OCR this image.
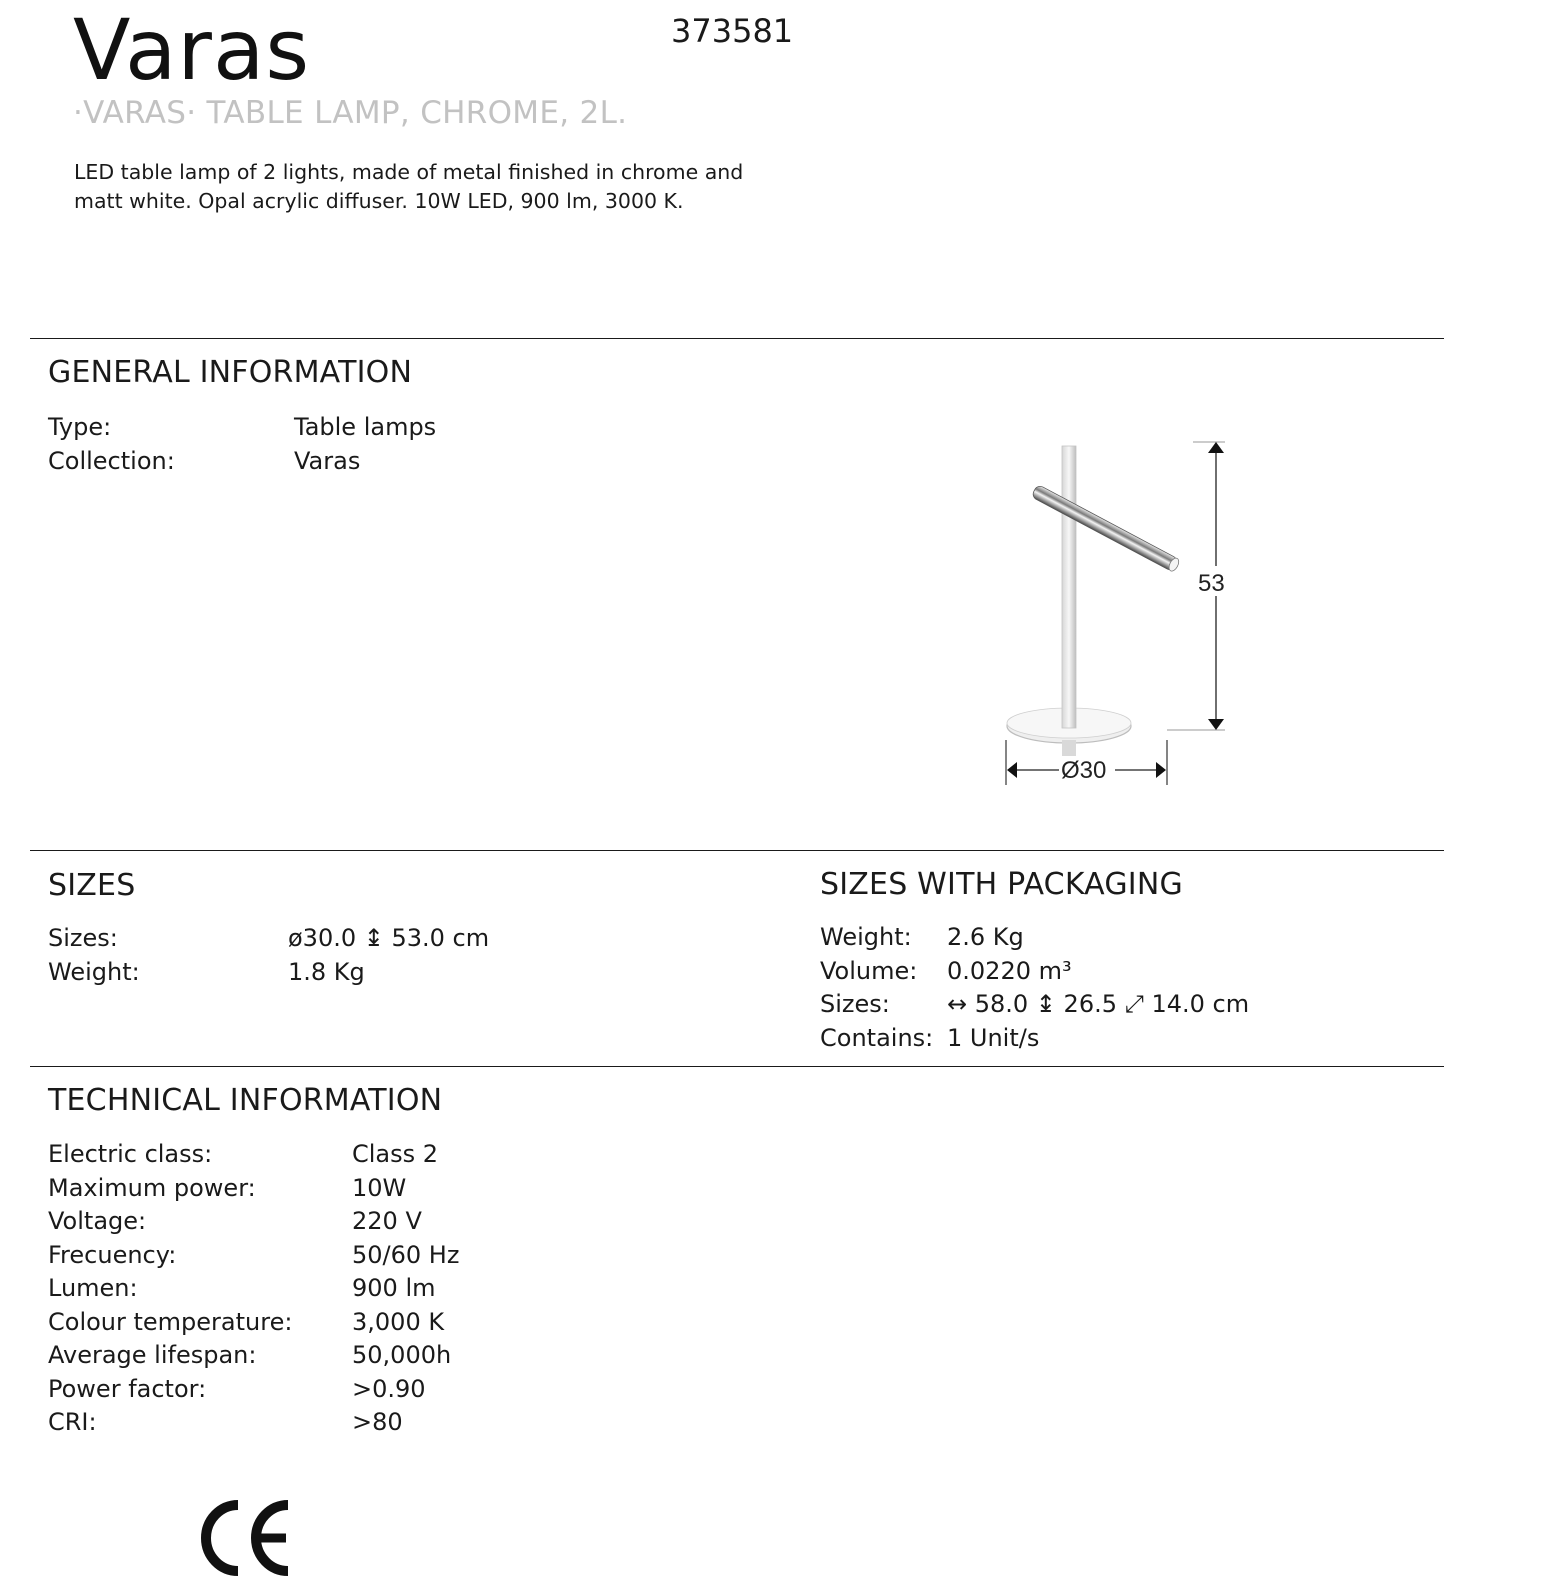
Varas	373581
·VARAS· TABLE LAMP, CHROME, 2L.
LED table lamp of 2 lights, made of metal finished in chrome and matt white. Opal acrylic diffuser. 10W LED, 900 lm, 3000 K.
GENERAL INFORMATION
Type:	Table lamps
Collection:	Varas
53
Ø30
SIZES
Sizes:	ø30.0 ↨ 53.0 cm
Weight:	1.8 Kg
SIZES WITH PACKAGING
Weight: 2.6 Kg
Volume: 0.0220 m³
Sizes: ↔ 58.0 ↨ 26.5 ⤢ 14.0 cm
Contains: 1 Unit/s
TECHNICAL INFORMATION
Electric class:	Class 2
Maximum power:	10W
Voltage:	220 V
Frecuency:	50/60 Hz
Lumen:	900 lm
Colour temperature: 3,000 K
Average lifespan:	50,000h
Power factor:	>0.90
CRI:	>80
